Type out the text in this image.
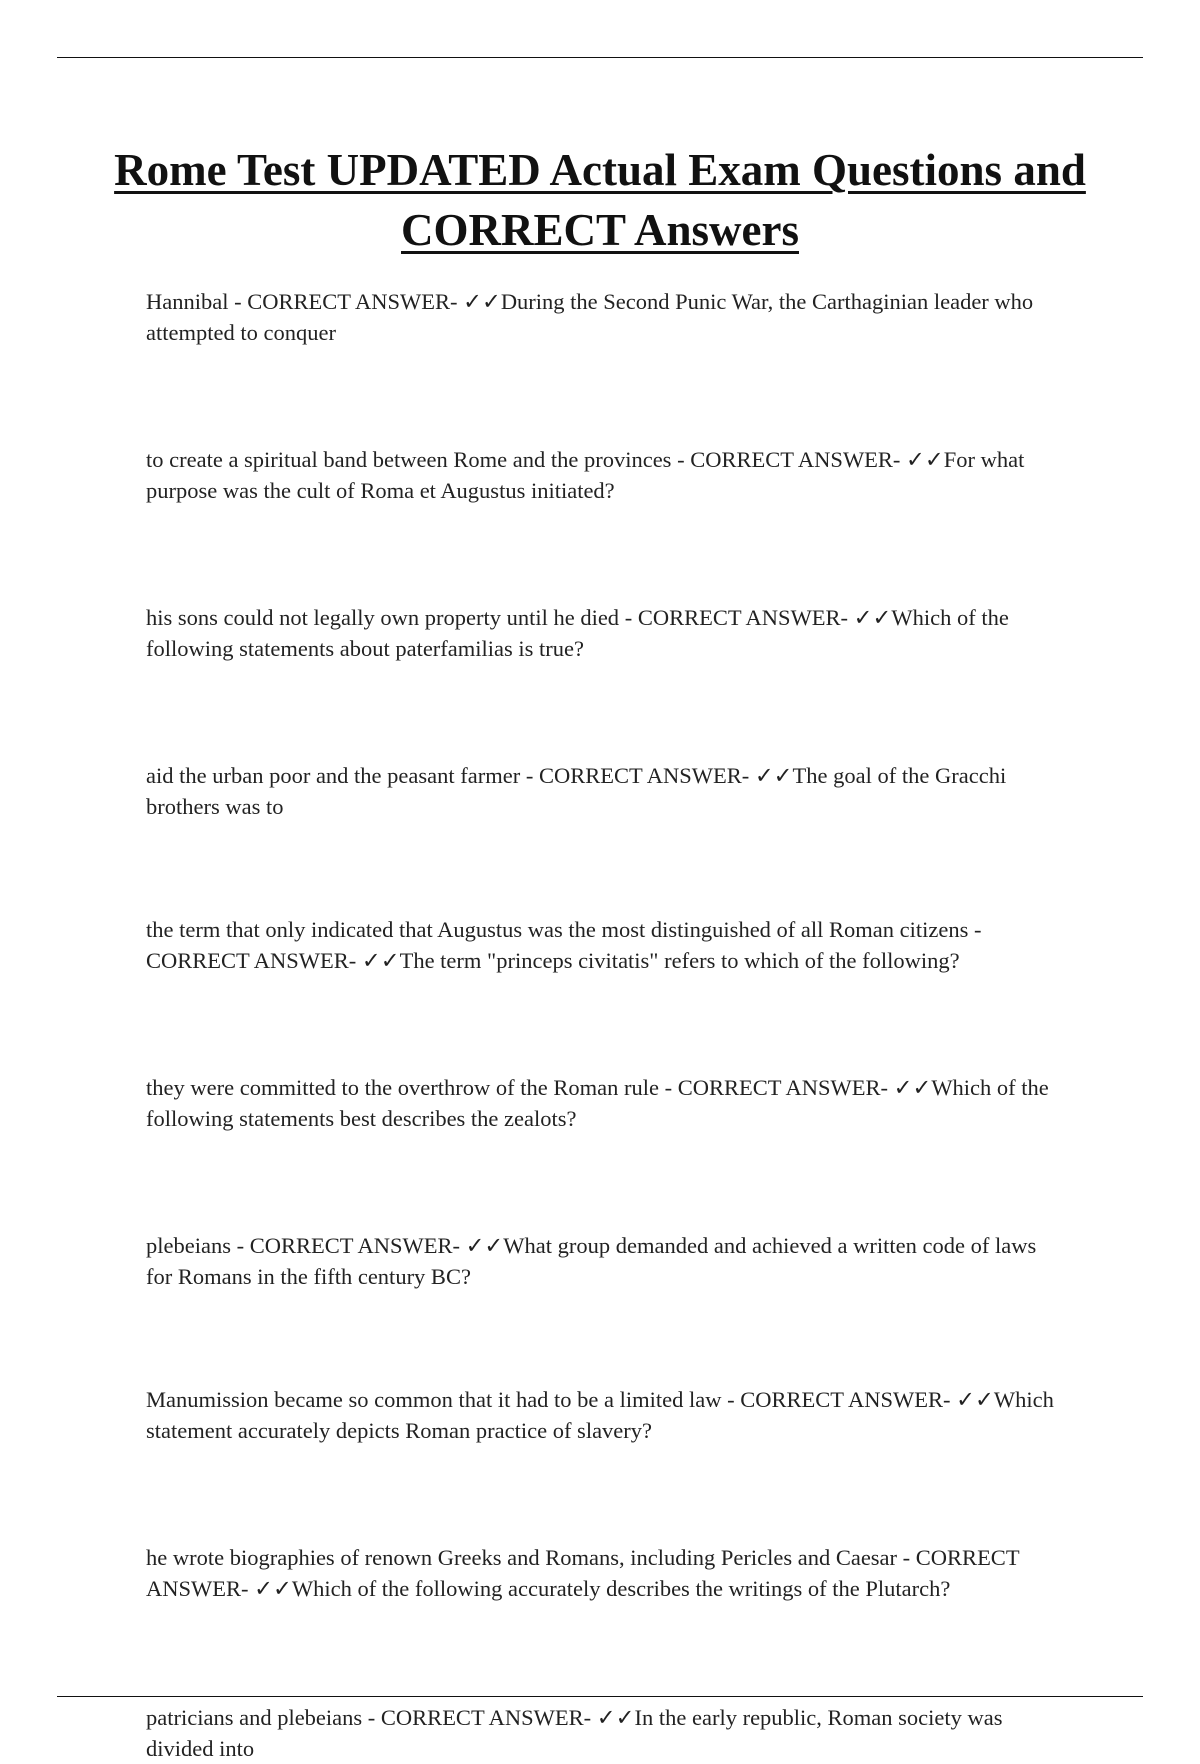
Rome Test UPDATED Actual Exam Questions and CORRECT Answers

Hannibal - CORRECT ANSWER- ✓✓During the Second Punic War, the Carthaginian leader who attempted to conquer

to create a spiritual band between Rome and the provinces - CORRECT ANSWER- ✓✓For what purpose was the cult of Roma et Augustus initiated?

his sons could not legally own property until he died - CORRECT ANSWER- ✓✓Which of the following statements about paterfamilias is true?

aid the urban poor and the peasant farmer - CORRECT ANSWER- ✓✓The goal of the Gracchi brothers was to

the term that only indicated that Augustus was the most distinguished of all Roman citizens - CORRECT ANSWER- ✓✓The term "princeps civitatis" refers to which of the following?

they were committed to the overthrow of the Roman rule - CORRECT ANSWER- ✓✓Which of the following statements best describes the zealots?

plebeians - CORRECT ANSWER- ✓✓What group demanded and achieved a written code of laws for Romans in the fifth century BC?

Manumission became so common that it had to be a limited law - CORRECT ANSWER- ✓✓Which statement accurately depicts Roman practice of slavery?

he wrote biographies of renown Greeks and Romans, including Pericles and Caesar - CORRECT ANSWER- ✓✓Which of the following accurately describes the writings of the Plutarch?

patricians and plebeians - CORRECT ANSWER- ✓✓In the early republic, Roman society was divided into
